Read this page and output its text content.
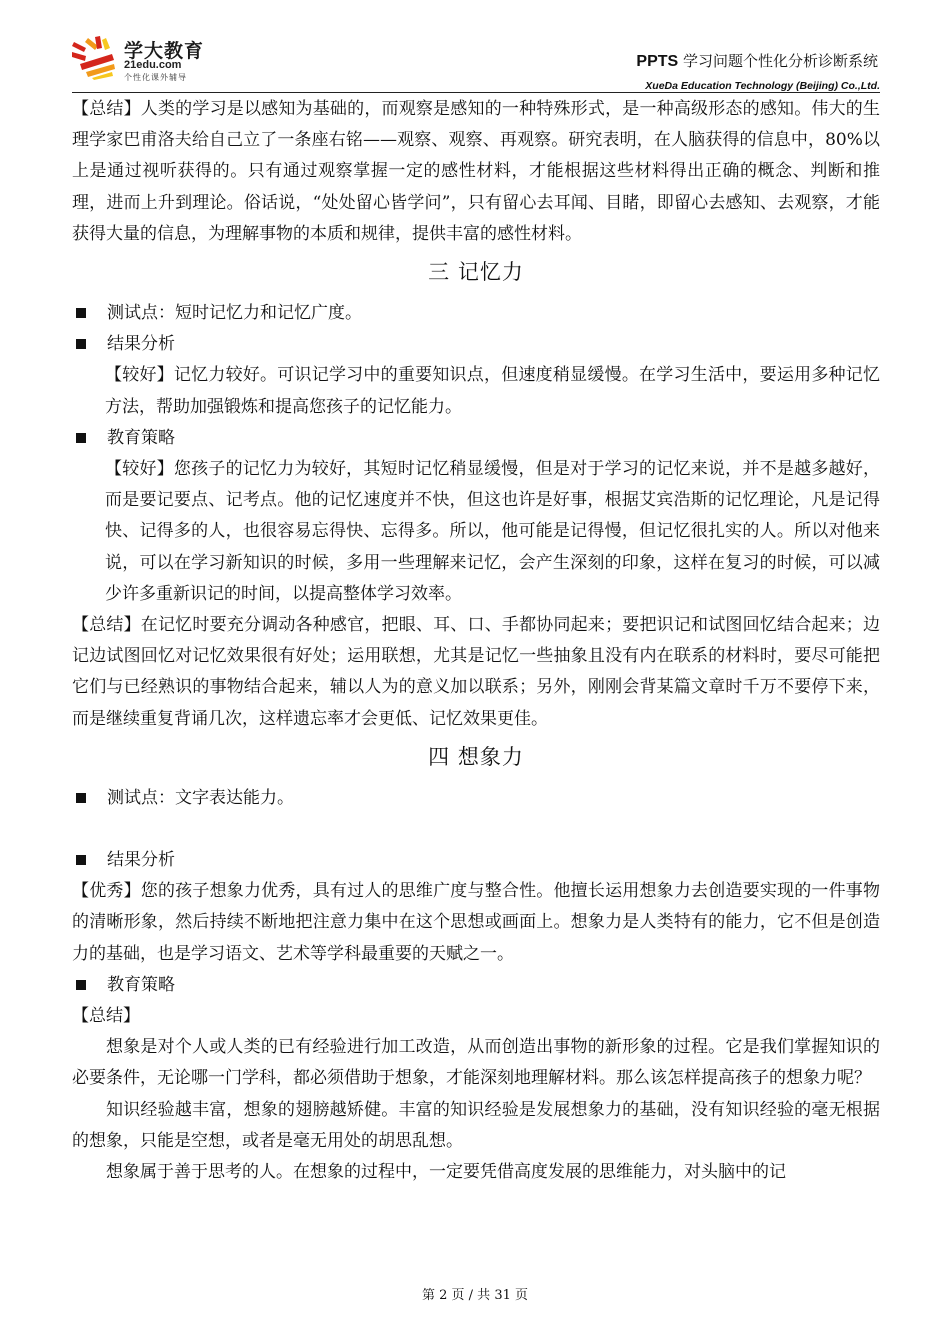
学大教育
21edu.com
个性化课外辅导
PPTS 学习问题个性化分析诊断系统
XueDa Education Technology (Beijing) Co.,Ltd.

【总结】人类的学习是以感知为基础的，而观察是感知的一种特殊形式，是一种高级形态的感知。伟大的生理学家巴甫洛夫给自己立了一条座右铭——观察、观察、再观察。研究表明，在人脑获得的信息中，80%以上是通过视听获得的。只有通过观察掌握一定的感性材料，才能根据这些材料得出正确的概念、判断和推理，进而上升到理论。俗话说，“处处留心皆学问”，只有留心去耳闻、目睹，即留心去感知、去观察，才能获得大量的信息，为理解事物的本质和规律，提供丰富的感性材料。

三 记忆力
测试点：短时记忆力和记忆广度。
结果分析

【较好】记忆力较好。可识记学习中的重要知识点，但速度稍显缓慢。在学习生活中，要运用多种记忆方法，帮助加强锻炼和提高您孩子的记忆能力。

教育策略

【较好】您孩子的记忆力为较好，其短时记忆稍显缓慢，但是对于学习的记忆来说，并不是越多越好，而是要记要点、记考点。他的记忆速度并不快，但这也许是好事，根据艾宾浩斯的记忆理论，凡是记得快、记得多的人，也很容易忘得快、忘得多。所以，他可能是记得慢，但记忆很扎实的人。所以对他来说，可以在学习新知识的时候，多用一些理解来记忆，会产生深刻的印象，这样在复习的时候，可以减少许多重新识记的时间，以提高整体学习效率。

【总结】在记忆时要充分调动各种感官，把眼、耳、口、手都协同起来；要把识记和试图回忆结合起来；边记边试图回忆对记忆效果很有好处；运用联想，尤其是记忆一些抽象且没有内在联系的材料时，要尽可能把它们与已经熟识的事物结合起来，辅以人为的意义加以联系；另外，刚刚会背某篇文章时千万不要停下来，而是继续重复背诵几次，这样遗忘率才会更低、记忆效果更佳。

四 想象力
测试点：文字表达能力。
结果分析

【优秀】您的孩子想象力优秀，具有过人的思维广度与整合性。他擅长运用想象力去创造要实现的一件事物的清晰形象，然后持续不断地把注意力集中在这个思想或画面上。想象力是人类特有的能力，它不但是创造力的基础，也是学习语文、艺术等学科最重要的天赋之一。

教育策略

【总结】

想象是对个人或人类的已有经验进行加工改造，从而创造出事物的新形象的过程。它是我们掌握知识的必要条件，无论哪一门学科，都必须借助于想象，才能深刻地理解材料。那么该怎样提高孩子的想象力呢？

知识经验越丰富，想象的翅膀越矫健。丰富的知识经验是发展想象力的基础，没有知识经验的毫无根据的想象，只能是空想，或者是毫无用处的胡思乱想。

想象属于善于思考的人。在想象的过程中，一定要凭借高度发展的思维能力，对头脑中的记

第 2 页 / 共 31 页
